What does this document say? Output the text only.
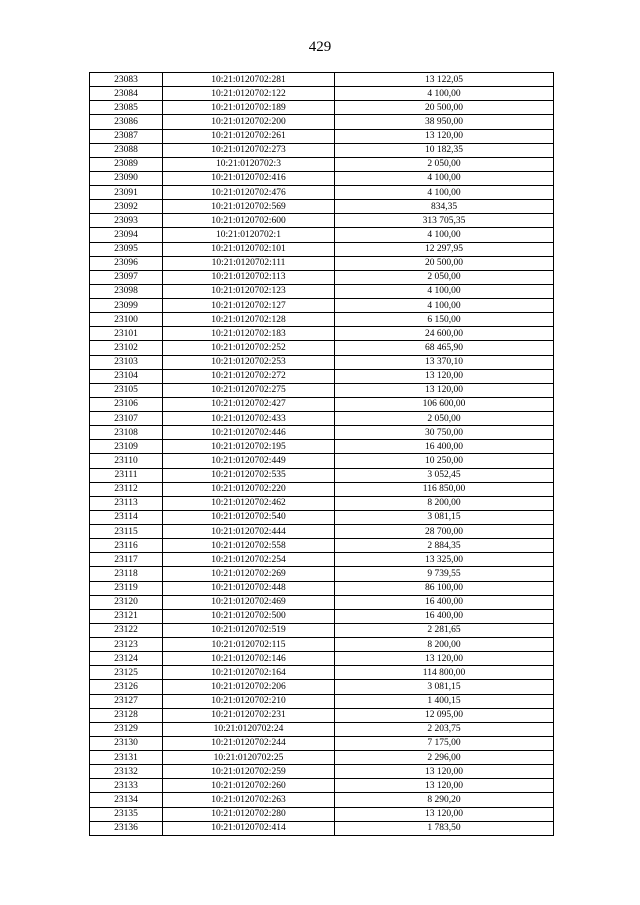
429
23083	10:21:0120702:281	13 122,05
23084	10:21:0120702:122	4 100,00
23085	10:21:0120702:189	20 500,00
23086	10:21:0120702:200	38 950,00
23087	10:21:0120702:261	13 120,00
23088	10:21:0120702:273	10 182,35
23089	10:21:0120702:3	2 050,00
23090	10:21:0120702:416	4 100,00
23091	10:21:0120702:476	4 100,00
23092	10:21:0120702:569	834,35
23093	10:21:0120702:600	313 705,35
23094	10:21:0120702:1	4 100,00
23095	10:21:0120702:101	12 297,95
23096	10:21:0120702:111	20 500,00
23097	10:21:0120702:113	2 050,00
23098	10:21:0120702:123	4 100,00
23099	10:21:0120702:127	4 100,00
23100	10:21:0120702:128	6 150,00
23101	10:21:0120702:183	24 600,00
23102	10:21:0120702:252	68 465,90
23103	10:21:0120702:253	13 370,10
23104	10:21:0120702:272	13 120,00
23105	10:21:0120702:275	13 120,00
23106	10:21:0120702:427	106 600,00
23107	10:21:0120702:433	2 050,00
23108	10:21:0120702:446	30 750,00
23109	10:21:0120702:195	16 400,00
23110	10:21:0120702:449	10 250,00
23111	10:21:0120702:535	3 052,45
23112	10:21:0120702:220	116 850,00
23113	10:21:0120702:462	8 200,00
23114	10:21:0120702:540	3 081,15
23115	10:21:0120702:444	28 700,00
23116	10:21:0120702:558	2 884,35
23117	10:21:0120702:254	13 325,00
23118	10:21:0120702:269	9 739,55
23119	10:21:0120702:448	86 100,00
23120	10:21:0120702:469	16 400,00
23121	10:21:0120702:500	16 400,00
23122	10:21:0120702:519	2 281,65
23123	10:21:0120702:115	8 200,00
23124	10:21:0120702:146	13 120,00
23125	10:21:0120702:164	114 800,00
23126	10:21:0120702:206	3 081,15
23127	10:21:0120702:210	1 400,15
23128	10:21:0120702:231	12 095,00
23129	10:21:0120702:24	2 203,75
23130	10:21:0120702:244	7 175,00
23131	10:21:0120702:25	2 296,00
23132	10:21:0120702:259	13 120,00
23133	10:21:0120702:260	13 120,00
23134	10:21:0120702:263	8 290,20
23135	10:21:0120702:280	13 120,00
23136	10:21:0120702:414	1 783,50
